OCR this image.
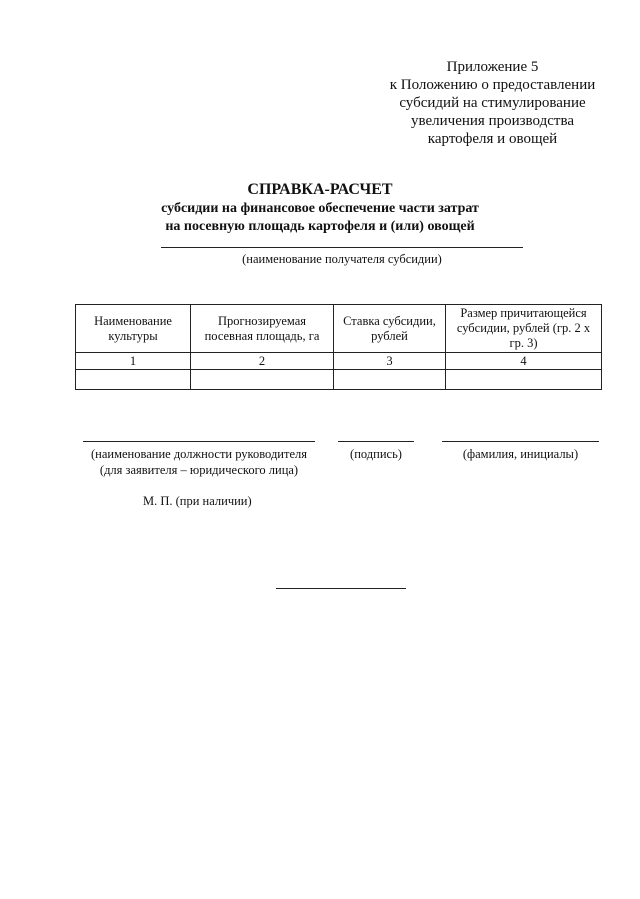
Приложение 5
к Положению о предоставлении
субсидий на стимулирование
увеличения производства
картофеля и овощей
СПРАВКА-РАСЧЕТ
субсидии на финансовое обеспечение части затрат
на посевную площадь картофеля и (или) овощей
(наименование получателя субсидии)
Наименование культуры	Прогнозируемая посевная площадь, га	Ставка субсидии, рублей	Размер причитающейся субсидии, рублей (гр. 2 х гр. 3)
1	2	3	4

(наименование должности руководителя
(для заявителя – юридического лица)
(подпись)	(фамилия, инициалы)
М. П. (при наличии)
